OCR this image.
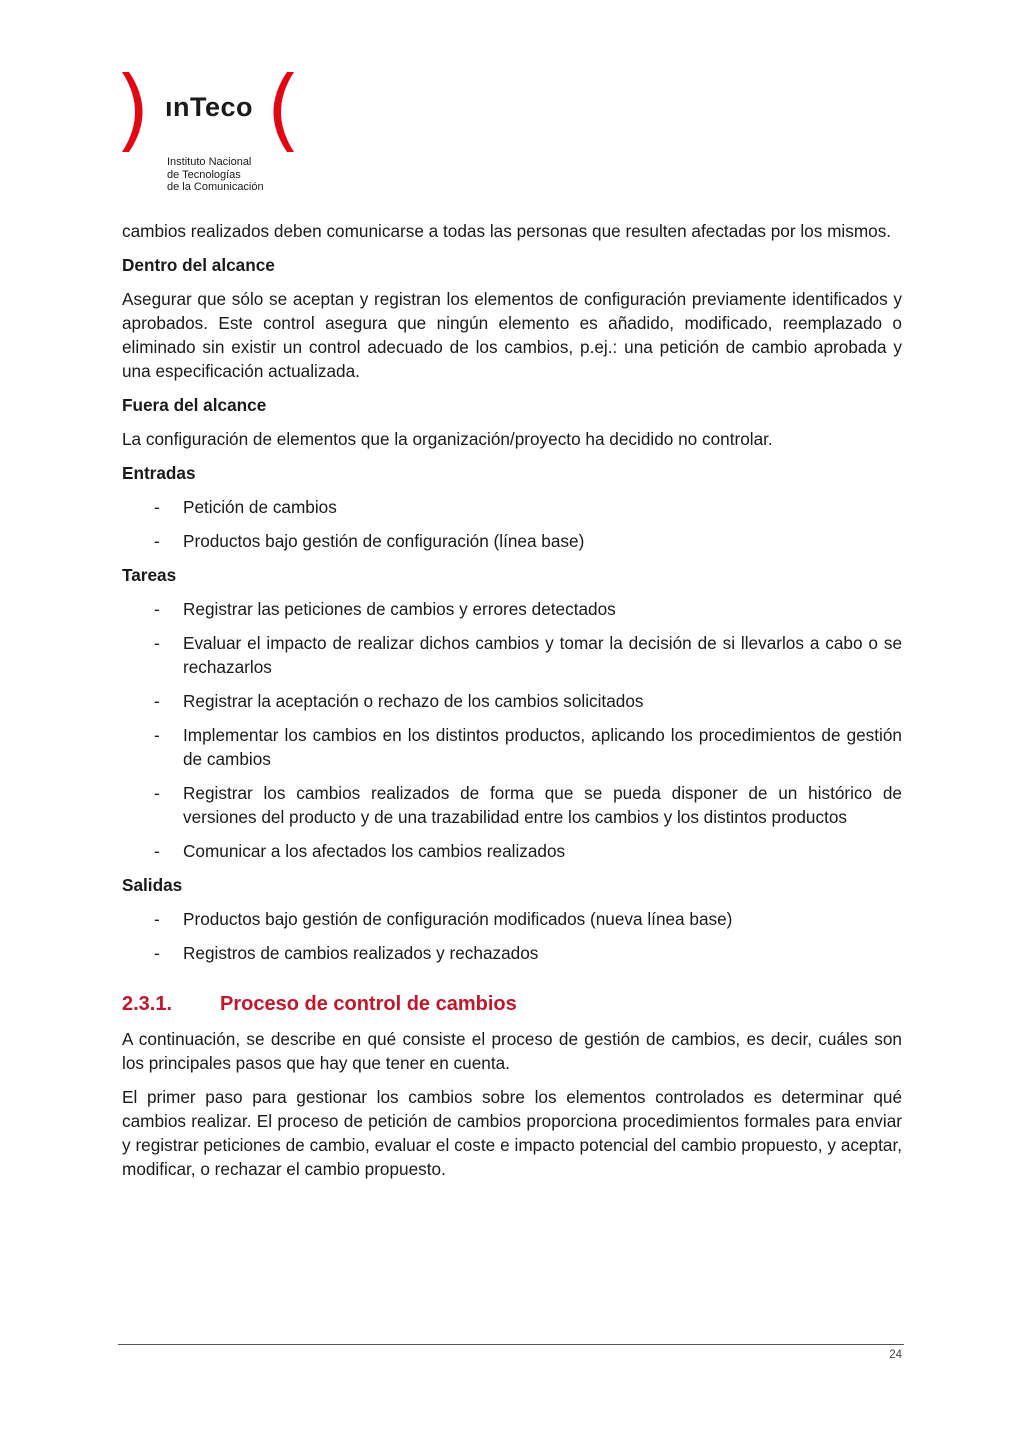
ınTeco
Instituto Nacional
de Tecnologías
de la Comunicación

cambios realizados deben comunicarse a todas las personas que resulten afectadas por los mismos.

Dentro del alcance

Asegurar que sólo se aceptan y registran los elementos de configuración previamente identificados y aprobados. Este control asegura que ningún elemento es añadido, modificado, reemplazado o eliminado sin existir un control adecuado de los cambios, p.ej.: una petición de cambio aprobada y una especificación actualizada.

Fuera del alcance

La configuración de elementos que la organización/proyecto ha decidido no controlar.

Entradas

- Petición de cambios
- Productos bajo gestión de configuración (línea base)

Tareas

- Registrar las peticiones de cambios y errores detectados
- Evaluar el impacto de realizar dichos cambios y tomar la decisión de si llevarlos a cabo o se rechazarlos
- Registrar la aceptación o rechazo de los cambios solicitados
- Implementar los cambios en los distintos productos, aplicando los procedimientos de gestión de cambios
- Registrar los cambios realizados de forma que se pueda disponer de un histórico de versiones del producto y de una trazabilidad entre los cambios y los distintos productos
- Comunicar a los afectados los cambios realizados

Salidas

- Productos bajo gestión de configuración modificados (nueva línea base)
- Registros de cambios realizados y rechazados
2.3.1.	Proceso de control de cambios

A continuación, se describe en qué consiste el proceso de gestión de cambios, es decir, cuáles son los principales pasos que hay que tener en cuenta.

El primer paso para gestionar los cambios sobre los elementos controlados es determinar qué cambios realizar. El proceso de petición de cambios proporciona procedimientos formales para enviar y registrar peticiones de cambio, evaluar el coste e impacto potencial del cambio propuesto, y aceptar, modificar, o rechazar el cambio propuesto.

24
